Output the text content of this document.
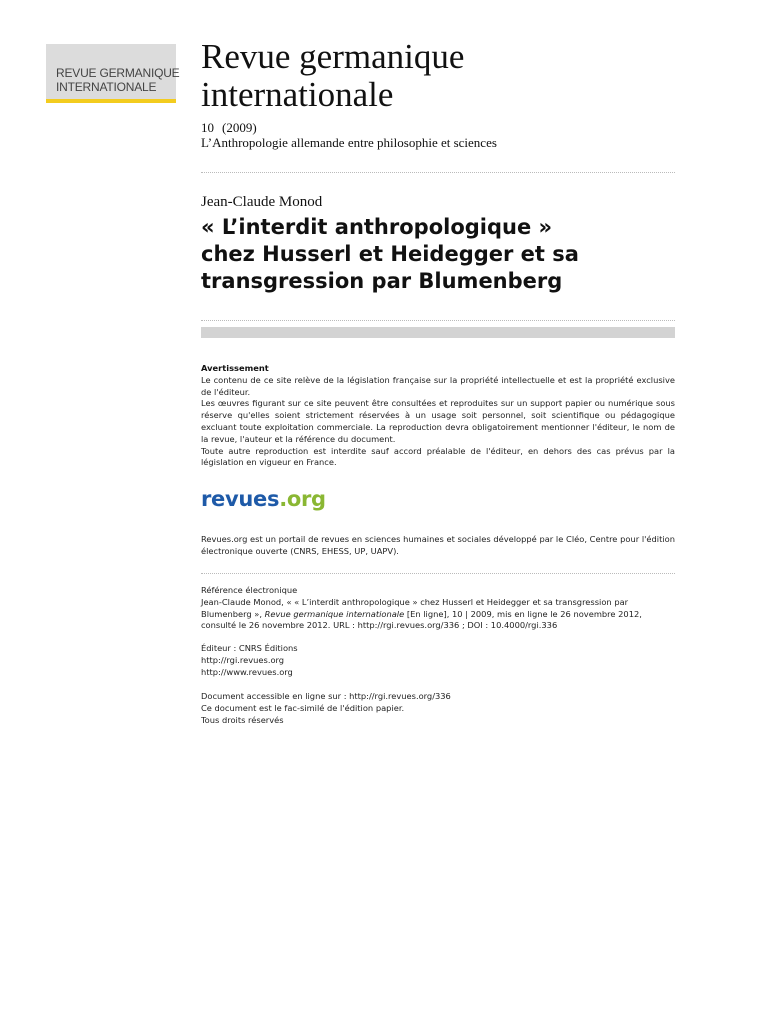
REVUE GERMANIQUE
INTERNATIONALE
Revue germanique
internationale
10 (2009)
L’Anthropologie allemande entre philosophie et sciences
Jean-Claude Monod
« L’interdit anthropologique »
chez Husserl et Heidegger et sa
transgression par Blumenberg
Avertissement
Le contenu de ce site relève de la législation française sur la propriété intellectuelle et est la propriété exclusive de l'éditeur.
Les œuvres figurant sur ce site peuvent être consultées et reproduites sur un support papier ou numérique sous réserve qu'elles soient strictement réservées à un usage soit personnel, soit scientifique ou pédagogique excluant toute exploitation commerciale. La reproduction devra obligatoirement mentionner l'éditeur, le nom de la revue, l'auteur et la référence du document.
Toute autre reproduction est interdite sauf accord préalable de l'éditeur, en dehors des cas prévus par la législation en vigueur en France.
revues.org
Revues.org est un portail de revues en sciences humaines et sociales développé par le Cléo, Centre pour l'édition électronique ouverte (CNRS, EHESS, UP, UAPV).
Référence électronique
Jean-Claude Monod, « « L’interdit anthropologique » chez Husserl et Heidegger et sa transgression par Blumenberg », Revue germanique internationale [En ligne], 10 | 2009, mis en ligne le 26 novembre 2012, consulté le 26 novembre 2012. URL : http://rgi.revues.org/336 ; DOI : 10.4000/rgi.336
Éditeur : CNRS Éditions
http://rgi.revues.org
http://www.revues.org
Document accessible en ligne sur : http://rgi.revues.org/336
Ce document est le fac-similé de l'édition papier.
Tous droits réservés
